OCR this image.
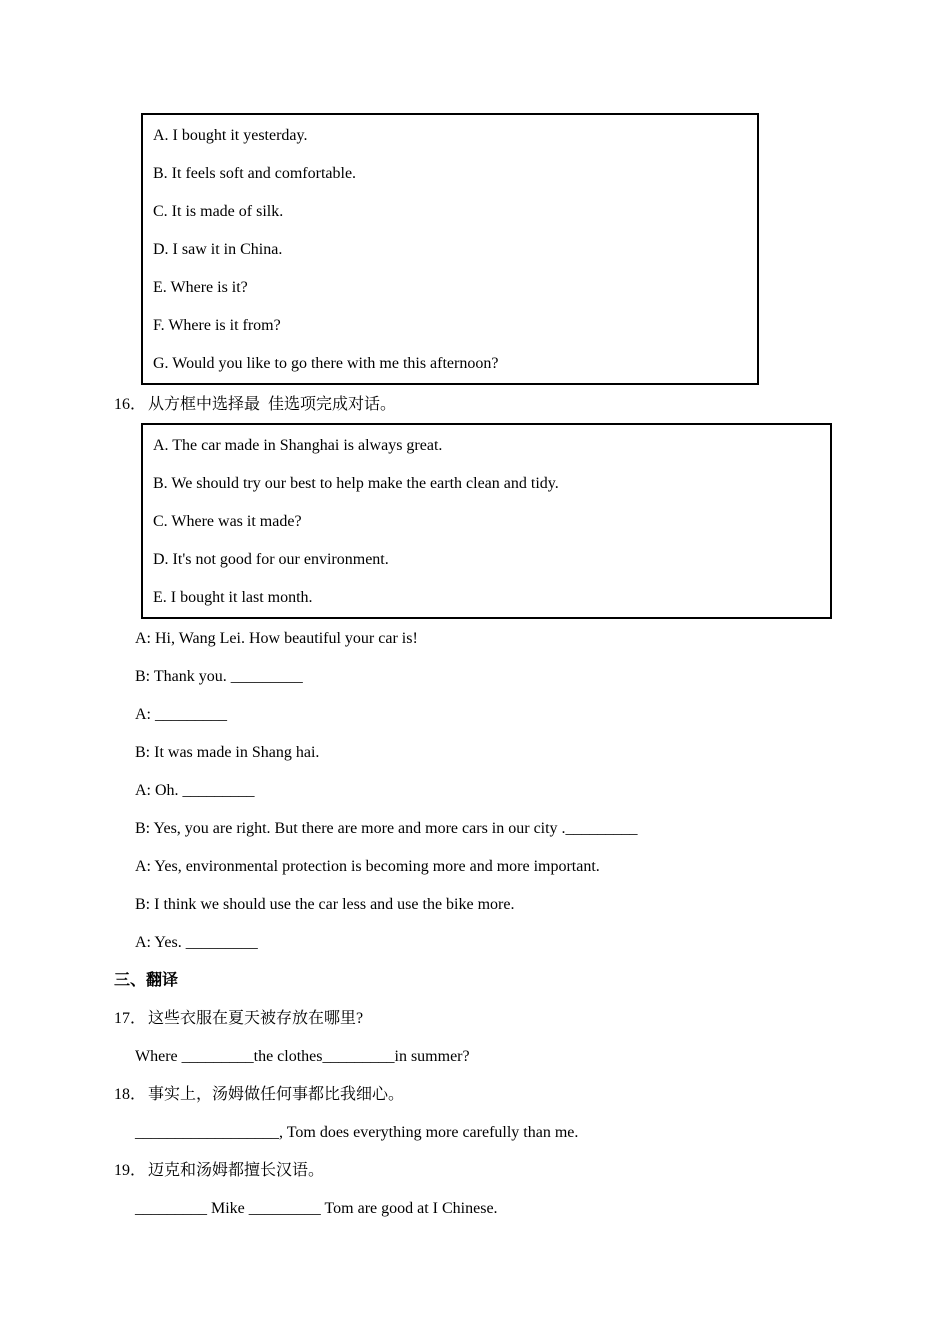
A. I bought it yesterday.
B. It feels soft and comfortable.
C. It is made of silk.
D. I saw it in China.
E. Where is it?
F. Where is it from?
G. Would you like to go there with me this afternoon?
16． 从方框中选择最  佳选项完成对话。
A. The car made in Shanghai is always great.
B. We should try our best to help make the earth clean and tidy.
C. Where was it made?
D. It's not good for our environment.
E. I bought it last month.
A: Hi, Wang Lei. How beautiful your car is!
B: Thank you. _________
A: _________
B: It was made in Shang hai.
A: Oh. _________
B: Yes, you are right. But there are more and more cars in our city ._________
A: Yes, environmental protection is becoming more and more important.
B: I think we should use the car less and use the bike more.
A: Yes. _________
三、翻译
17． 这些衣服在夏天被存放在哪里?
Where _________the clothes_________in summer?
18． 事实上，汤姆做任何事都比我细心。
__________________, Tom does everything more carefully than me.
19． 迈克和汤姆都擅长汉语。
_________ Mike _________ Tom are good at I Chinese.
